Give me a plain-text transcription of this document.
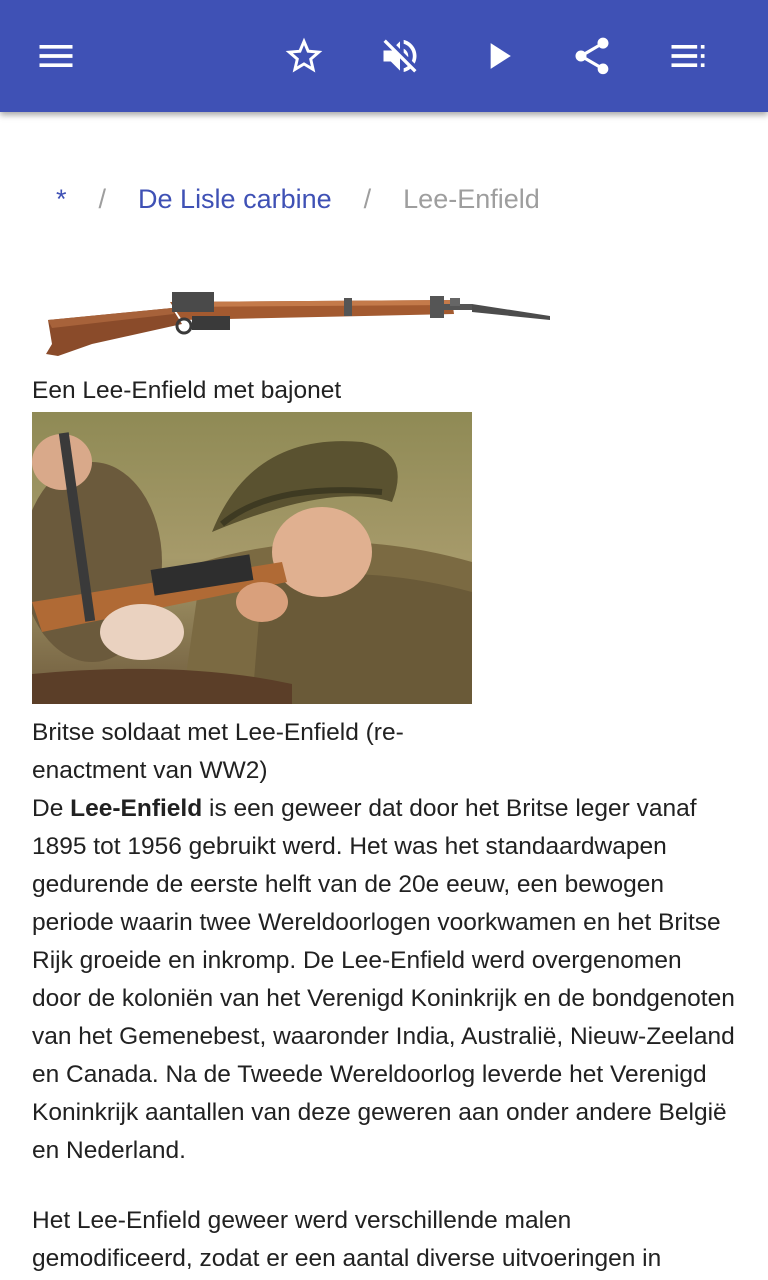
* / De Lisle carbine / Lee-Enfield
Een Lee-Enfield met bajonet
Britse soldaat met Lee-Enfield (re-enactment van WW2)
De Lee-Enfield is een geweer dat door het Britse leger vanaf 1895 tot 1956 gebruikt werd. Het was het standaardwapen gedurende de eerste helft van de 20e eeuw, een bewogen periode waarin twee Wereldoorlogen voorkwamen en het Britse Rijk groeide en inkromp. De Lee-Enfield werd overgenomen door de koloniën van het Verenigd Koninkrijk en de bondgenoten van het Gemenebest, waaronder India, Australië, Nieuw-Zeeland en Canada. Na de Tweede Wereldoorlog leverde het Verenigd Koninkrijk aantallen van deze geweren aan onder andere België en Nederland.
Het Lee-Enfield geweer werd verschillende malen gemodificeerd, zodat er een aantal diverse uitvoeringen in
